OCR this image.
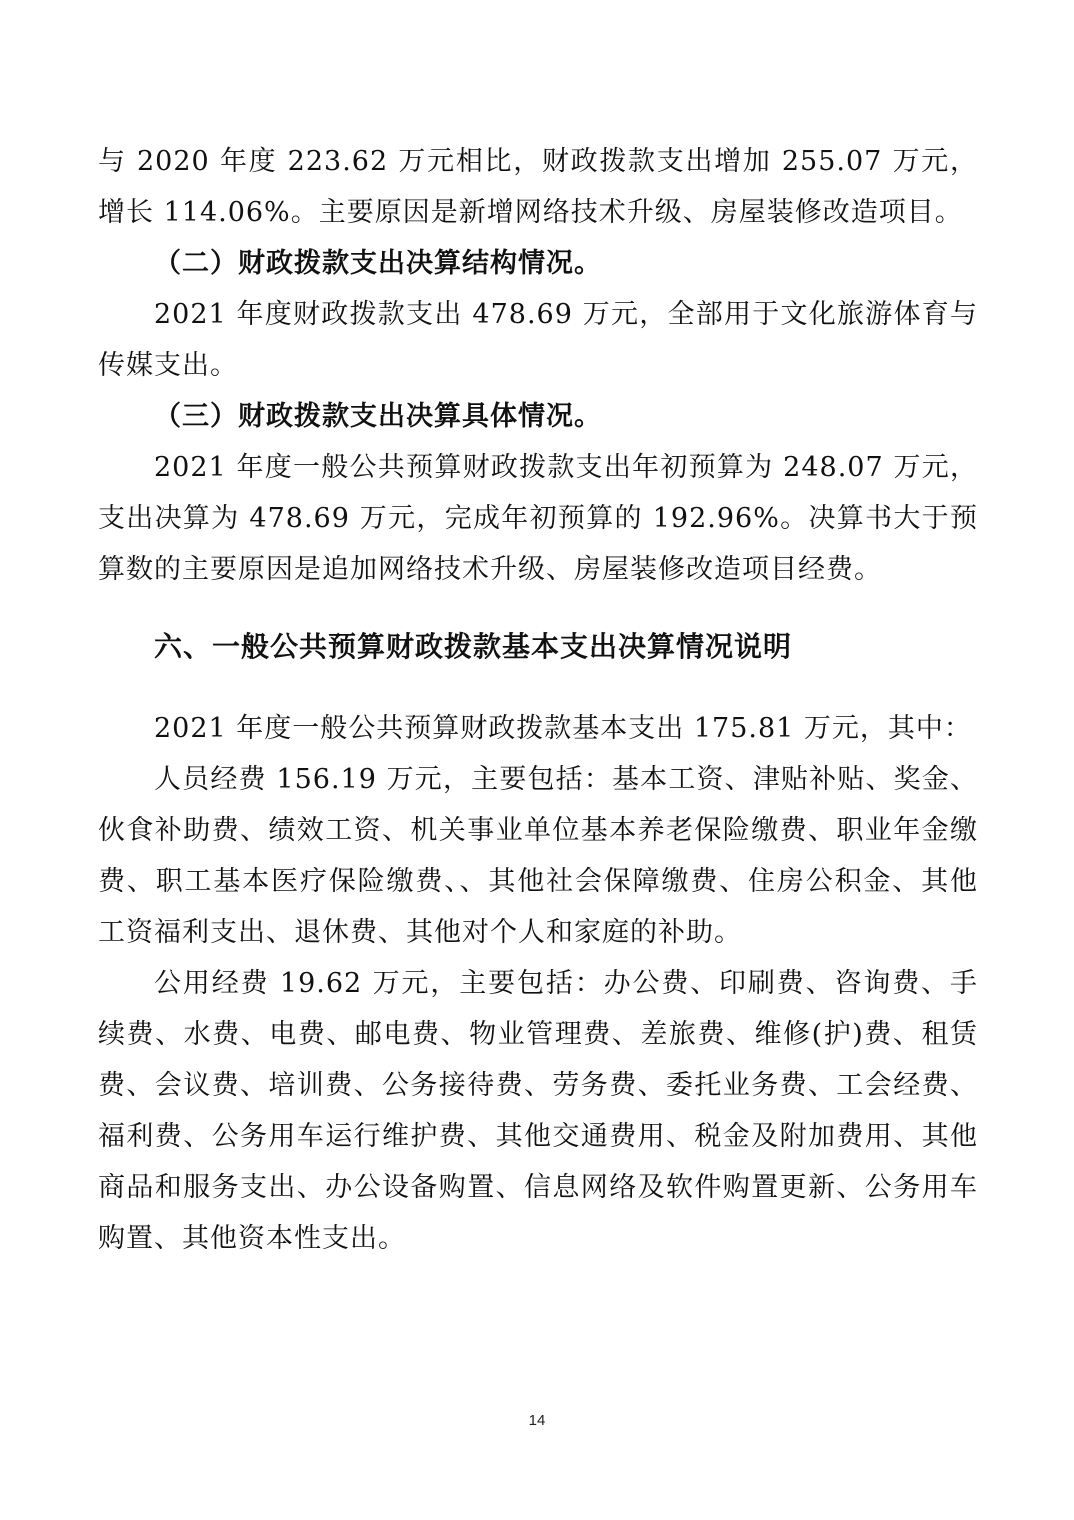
与 2020 年度 223.62 万元相比，财政拨款支出增加 255.07 万元，增长 114.06%。主要原因是新增网络技术升级、房屋装修改造项目。

（二）财政拨款支出决算结构情况。

2021 年度财政拨款支出 478.69 万元，全部用于文化旅游体育与传媒支出。

（三）财政拨款支出决算具体情况。

2021 年度一般公共预算财政拨款支出年初预算为 248.07 万元，支出决算为 478.69 万元，完成年初预算的 192.96%。决算书大于预算数的主要原因是追加网络技术升级、房屋装修改造项目经费。

六、一般公共预算财政拨款基本支出决算情况说明

2021 年度一般公共预算财政拨款基本支出 175.81 万元，其中：

人员经费 156.19 万元，主要包括：基本工资、津贴补贴、奖金、伙食补助费、绩效工资、机关事业单位基本养老保险缴费、职业年金缴费、职工基本医疗保险缴费、、其他社会保障缴费、住房公积金、其他工资福利支出、退休费、其他对个人和家庭的补助。

公用经费 19.62 万元，主要包括：办公费、印刷费、咨询费、手续费、水费、电费、邮电费、物业管理费、差旅费、维修(护)费、租赁费、会议费、培训费、公务接待费、劳务费、委托业务费、工会经费、福利费、公务用车运行维护费、其他交通费用、税金及附加费用、其他商品和服务支出、办公设备购置、信息网络及软件购置更新、公务用车购置、其他资本性支出。

14
